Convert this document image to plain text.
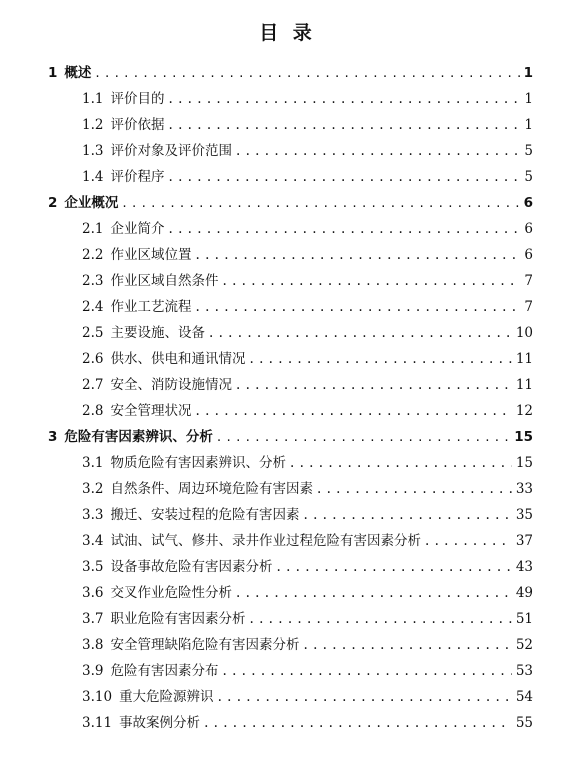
目 录
1 概述 . . .	1
1.1 评价目的 . . .	1
1.2 评价依据 . . .	1
1.3 评价对象及评价范围 . . .	5
1.4 评价程序 . . .	5
2 企业概况 . . .	6
2.1 企业简介 . . .	6
2.2 作业区域位置 . . .	6
2.3 作业区域自然条件 . . .	7
2.4 作业工艺流程 . . .	7
2.5 主要设施、设备 . . .	10
2.6 供水、供电和通讯情况 . . .	11
2.7 安全、消防设施情况 . . .	11
2.8 安全管理状况 . . .	12
3 危险有害因素辨识、分析 . . .	15
3.1 物质危险有害因素辨识、分析 . . .	15
3.2 自然条件、周边环境危险有害因素 . . .	33
3.3 搬迁、安装过程的危险有害因素 . . .	35
3.4 试油、试气、修井、录井作业过程危险有害因素分析 . . .	37
3.5 设备事故危险有害因素分析 . . .	43
3.6 交叉作业危险性分析 . . .	49
3.7 职业危险有害因素分析 . . .	51
3.8 安全管理缺陷危险有害因素分析 . . .	52
3.9 危险有害因素分布 . . .	53
3.10 重大危险源辨识 . . .	54
3.11 事故案例分析 . . .	55
